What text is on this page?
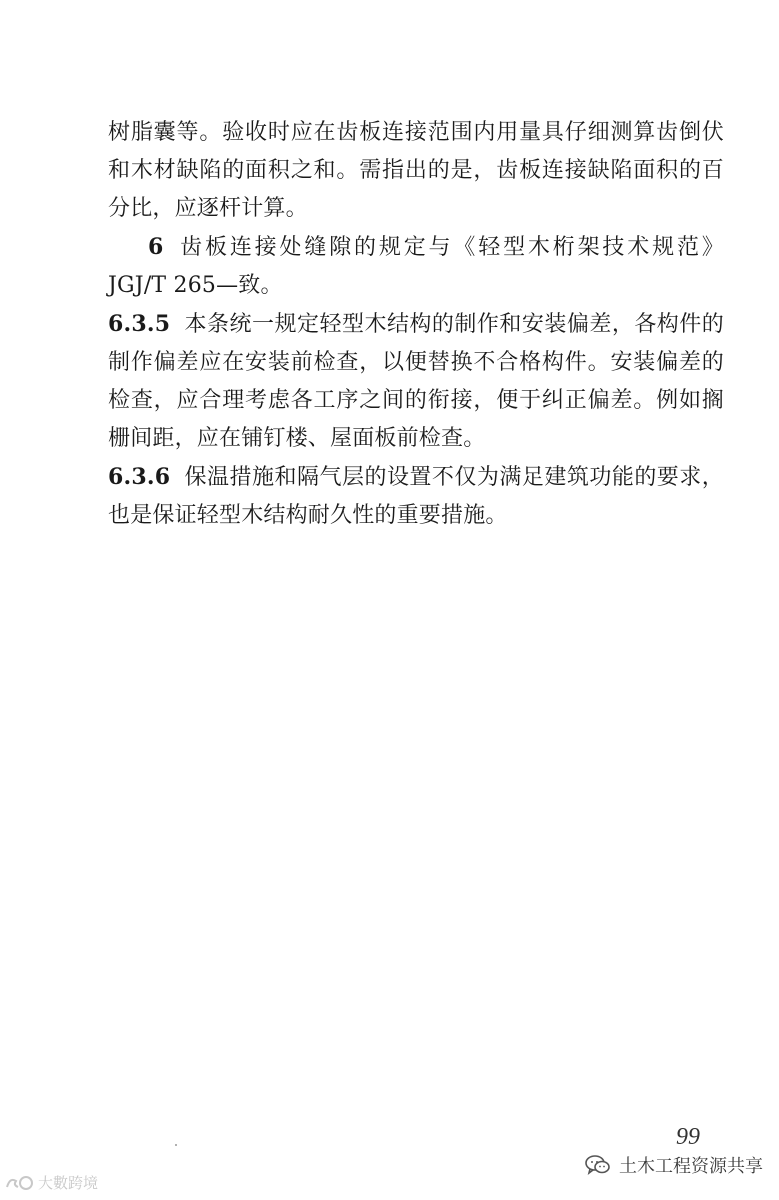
树脂囊等。验收时应在齿板连接范围内用量具仔细测算齿倒伏和木材缺陷的面积之和。需指出的是，齿板连接缺陷面积的百分比，应逐杆计算。

6 齿板连接处缝隙的规定与《轻型木桁架技术规范》JGJ/T 265—致。

6.3.5 本条统一规定轻型木结构的制作和安装偏差，各构件的制作偏差应在安装前检查，以便替换不合格构件。安装偏差的检查，应合理考虑各工序之间的衔接，便于纠正偏差。例如搁栅间距，应在铺钉楼、屋面板前检查。

6.3.6 保温措施和隔气层的设置不仅为满足建筑功能的要求，也是保证轻型木结构耐久性的重要措施。

99
大數跨境
土木工程资源共享
